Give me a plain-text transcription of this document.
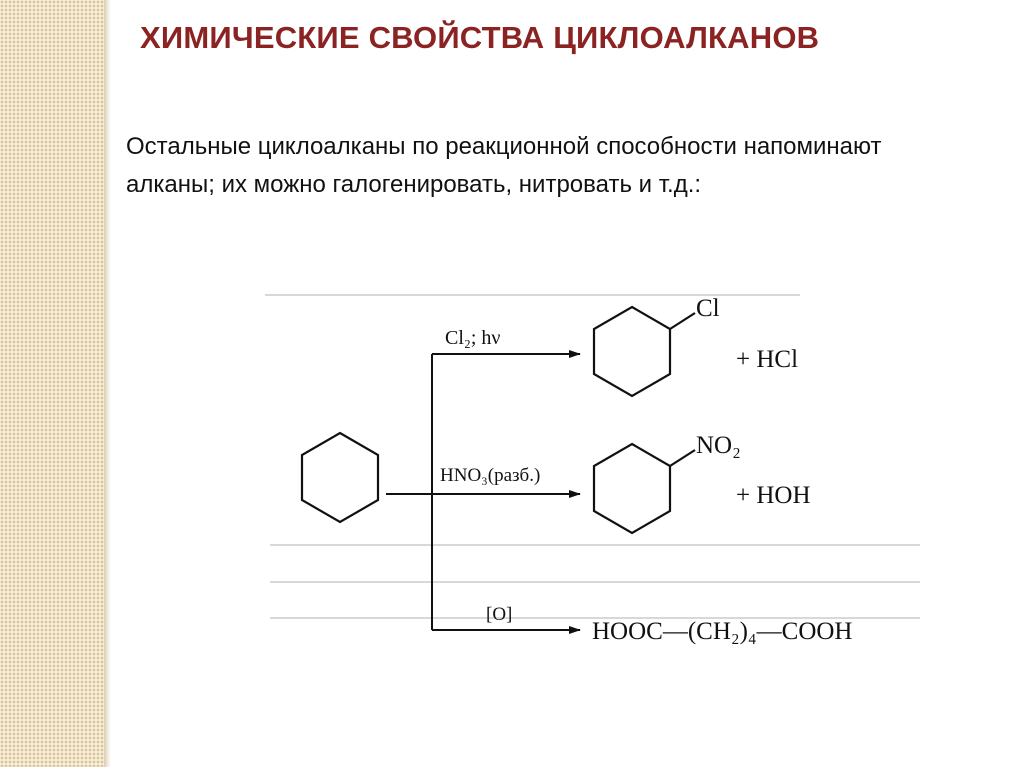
ХИМИЧЕСКИЕ СВОЙСТВА ЦИКЛОАЛКАНОВ
Остальные циклоалканы по реакционной способности напоминают алканы; их можно галогенировать, нитровать и т.д.:
Cl₂; hν
Cl
+ HCl
HNO₃(разб.)
NO₂
+ HOH
[O]
HOOC—(CH₂)₄—COOH
